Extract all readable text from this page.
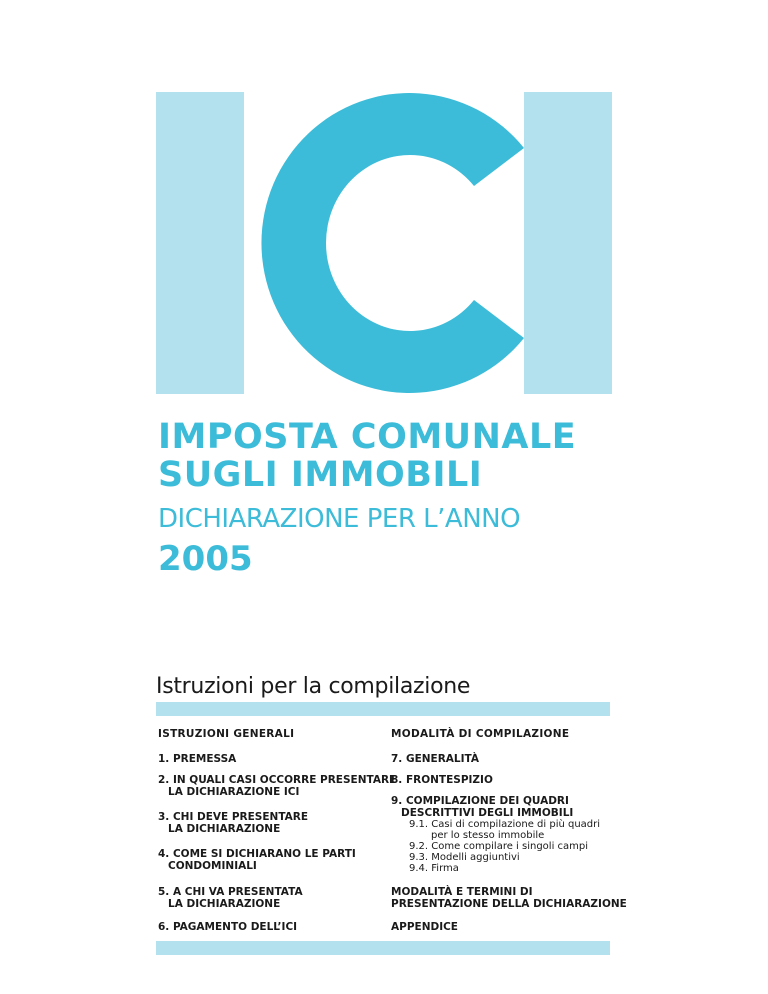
IMPOSTA COMUNALE
SUGLI IMMOBILI
DICHIARAZIONE PER L’ANNO
2005
Istruzioni per la compilazione
ISTRUZIONI GENERALI
1. PREMESSA
2. IN QUALI CASI OCCORRE PRESENTARE
LA DICHIARAZIONE ICI
3. CHI DEVE PRESENTARE
LA DICHIARAZIONE
4. COME SI DICHIARANO LE PARTI
CONDOMINIALI
5. A CHI VA PRESENTATA
LA DICHIARAZIONE
6. PAGAMENTO DELL’ICI
MODALITÀ DI COMPILAZIONE
7. GENERALITÀ
8. FRONTESPIZIO
9. COMPILAZIONE DEI QUADRI
DESCRITTIVI DEGLI IMMOBILI
9.1. Casi di compilazione di più quadri
per lo stesso immobile
9.2. Come compilare i singoli campi
9.3. Modelli aggiuntivi
9.4. Firma
MODALITÀ E TERMINI DI
PRESENTAZIONE DELLA DICHIARAZIONE
APPENDICE
